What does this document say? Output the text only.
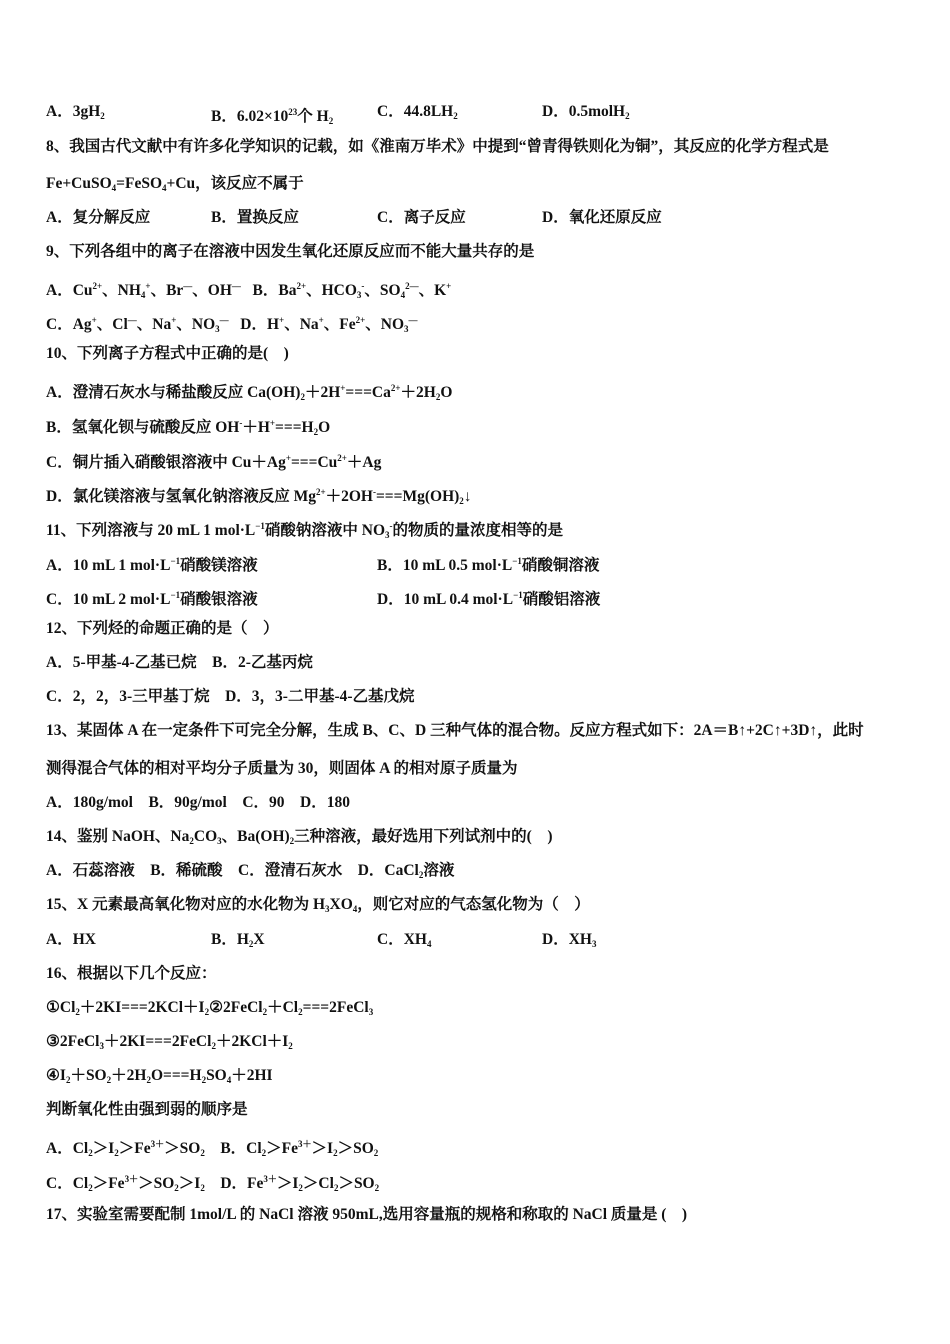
A．$3gH_2$	B．$6.02\times 10^{23}$个 $H_2$
C．$44.8LH_2$	D．0.5molH$_2$
8、我国古代文献中有许多化学知识的记载，如《淮南万毕术》中提到“曾青得铁则化为铜”，其反应的化学方程式是
Fe+CuSO$_4$=FeSO$_4$+Cu，该反应不属于
A．复分解反应	B．置换反应	C．离子反应	D．氧化还原反应
9、下列各组中的离子在溶液中因发生氧化还原反应而不能大量共存的是
A．$Cu^{2+}$、$NH_4^+$、Br—、OH—   B．$Ba^{2+}$、$HCO_3^-$、$SO_4^{2—}$、K+
C．Ag+、Cl—、Na+、$NO_3^—$   D．H+、Na+、$Fe^{2+}$、$NO_3^—$
10、下列离子方程式中正确的是(　)
A．澄清石灰水与稀盐酸反应 $Ca(OH)_2+2H^+===Ca^{2+}+2H_2O$
B．氢氧化钡与硫酸反应 $OH^-+H^+===H_2O$
C．铜片插入硝酸银溶液中 $Cu+Ag^+===Cu^{2+}+Ag$
D．氯化镁溶液与氢氧化钠溶液反应 $Mg^{2+}+2OH^-===Mg(OH)_2↓$
11、下列溶液与 20 mL 1 $mol\cdot L^{-1}$硝酸钠溶液中 $NO_3^-$的物质的量浓度相等的是
A．10 mL 1 $mol\cdot L^{-1}$硝酸镁溶液	B．10 mL 0.5 $mol\cdot L^{-1}$硝酸铜溶液
C．10 mL 2 $mol\cdot L^{-1}$硝酸银溶液	D．10 mL 0.4 $mol\cdot L^{-1}$硝酸铝溶液
12、下列烃的命题正确的是（　）
A．5-甲基-4-乙基已烷　B．2-乙基丙烷
C．2，2，3-三甲基丁烷　D．3，3-二甲基-4-乙基戊烷
13、某固体 A 在一定条件下可完全分解，生成 B、C、D 三种气体的混合物。反应方程式如下：2A＝B↑+2C↑+3D↑，此时
测得混合气体的相对平均分子质量为 30，则固体 A 的相对原子质量为
A．180g/mol　B．90g/mol　C．90　D．180
14、鉴别 NaOH、$Na_2CO_3$、$Ba(OH)_2$三种溶液，最好选用下列试剂中的(　)
A．石蕊溶液　B．稀硫酸　C．澄清石灰水　D．CaCl$_2$溶液
15、X 元素最高氧化物对应的水化物为 $H_3XO_4$，则它对应的气态氢化物为（　）
A．HX	B．$H_2X$	C．$XH_4$	D．$XH_3$
16、根据以下几个反应：
$①Cl_2+2KI===2KCl+I_2②2FeCl_2+Cl_2===2FeCl_3$
$③2FeCl_3+2KI===2FeCl_2+2KCl+I_2$
$④I_2+SO_2+2H_2O===H_2SO_4+2HI$
判断氧化性由强到弱的顺序是
A．$Cl_2>I_2>Fe^{3+}>SO_2$　B．$Cl_2>Fe^{3+}>I_2>SO_2$
C．$Cl_2>Fe^{3+}>SO_2>I_2$　D．$Fe^{3+}>I_2>Cl_2>SO_2$
17、实验室需要配制 1mol/L 的 NaCl 溶液 950mL,选用容量瓶的规格和称取的 NaCl 质量是 (　)
